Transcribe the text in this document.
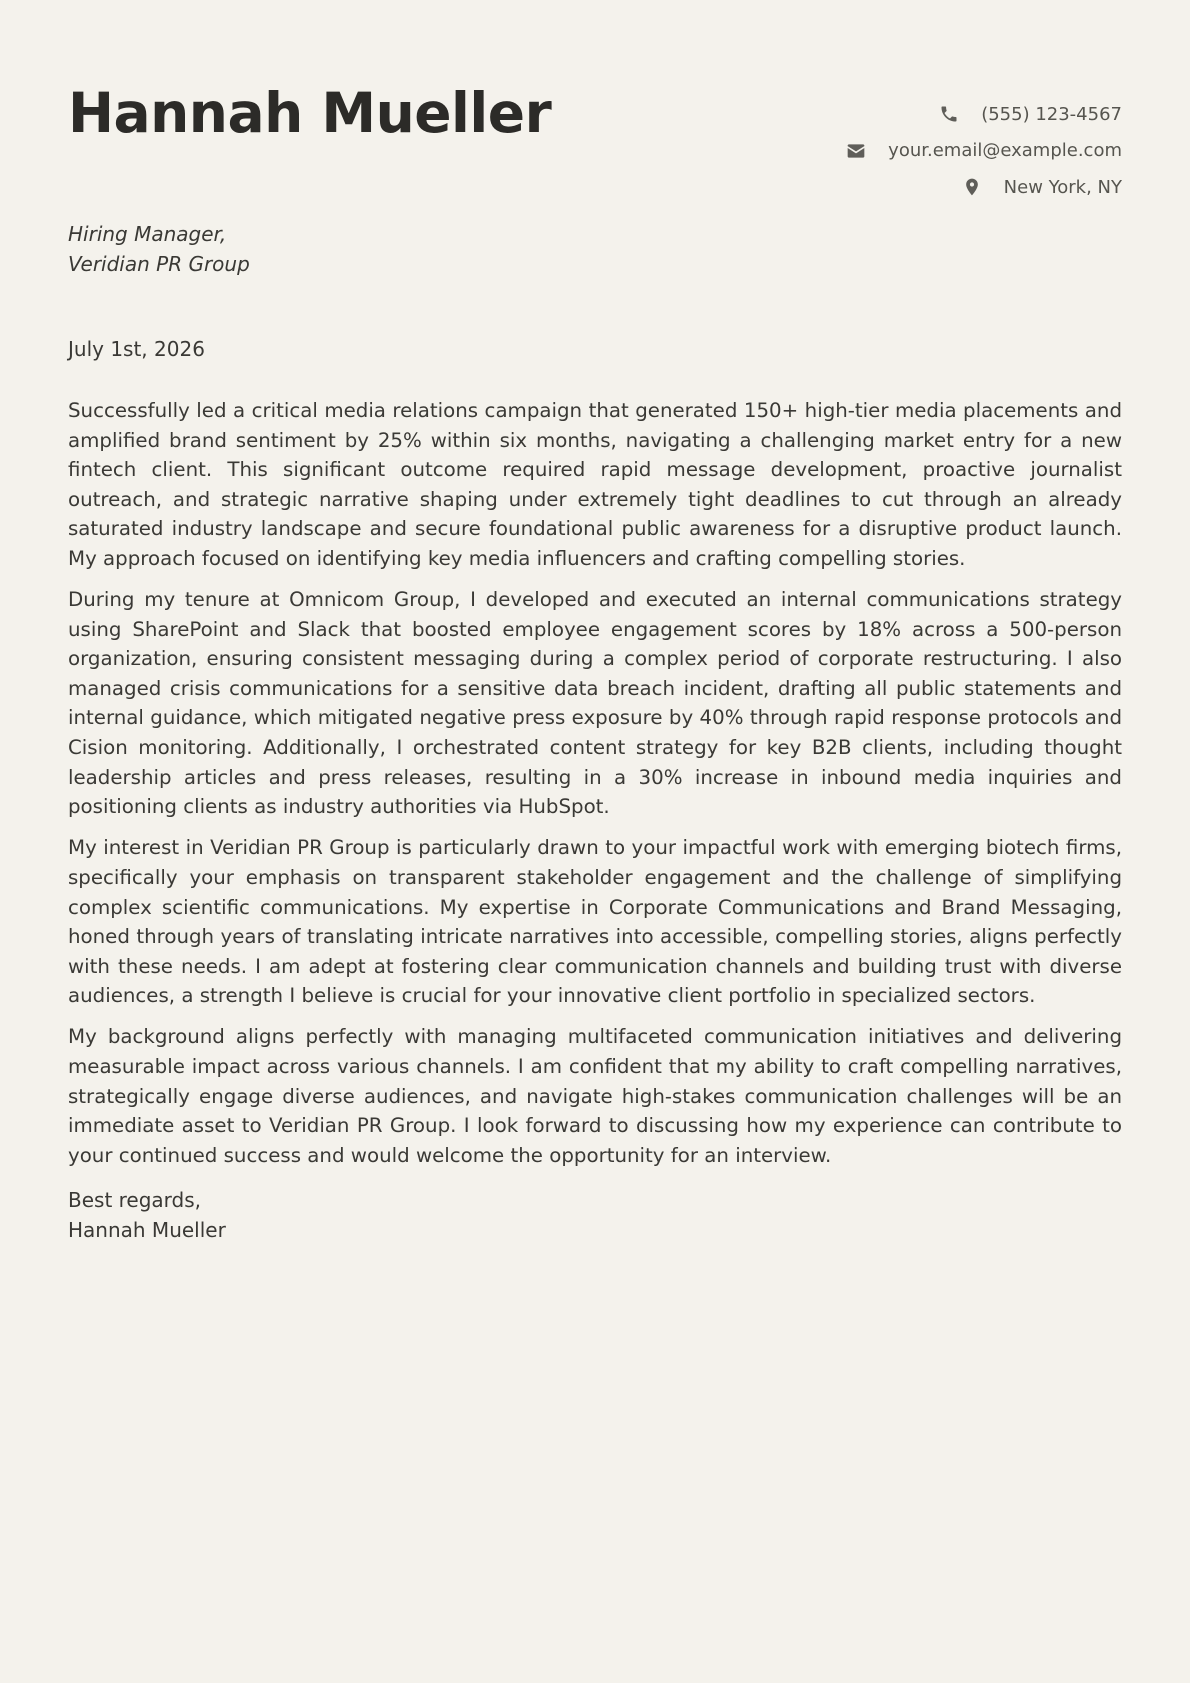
Hannah Mueller	(555) 123-4567
your.email@example.com
New York, NY
Hiring Manager,
Veridian PR Group
July 1st, 2026

Successfully led a critical media relations campaign that generated 150+ high-tier media placements and amplified brand sentiment by 25% within six months, navigating a challenging market entry for a new fintech client. This significant outcome required rapid message development, proactive journalist outreach, and strategic narrative shaping under extremely tight deadlines to cut through an already saturated industry landscape and secure foundational public awareness for a disruptive product launch. My approach focused on identifying key media influencers and crafting compelling stories.

During my tenure at Omnicom Group, I developed and executed an internal communications strategy using SharePoint and Slack that boosted employee engagement scores by 18% across a 500-person organization, ensuring consistent messaging during a complex period of corporate restructuring. I also managed crisis communications for a sensitive data breach incident, drafting all public statements and internal guidance, which mitigated negative press exposure by 40% through rapid response protocols and Cision monitoring. Additionally, I orchestrated content strategy for key B2B clients, including thought leadership articles and press releases, resulting in a 30% increase in inbound media inquiries and positioning clients as industry authorities via HubSpot.

My interest in Veridian PR Group is particularly drawn to your impactful work with emerging biotech firms, specifically your emphasis on transparent stakeholder engagement and the challenge of simplifying complex scientific communications. My expertise in Corporate Communications and Brand Messaging, honed through years of translating intricate narratives into accessible, compelling stories, aligns perfectly with these needs. I am adept at fostering clear communication channels and building trust with diverse audiences, a strength I believe is crucial for your innovative client portfolio in specialized sectors.

My background aligns perfectly with managing multifaceted communication initiatives and delivering measurable impact across various channels. I am confident that my ability to craft compelling narratives, strategically engage diverse audiences, and navigate high-stakes communication challenges will be an immediate asset to Veridian PR Group. I look forward to discussing how my experience can contribute to your continued success and would welcome the opportunity for an interview.

Best regards,
Hannah Mueller
